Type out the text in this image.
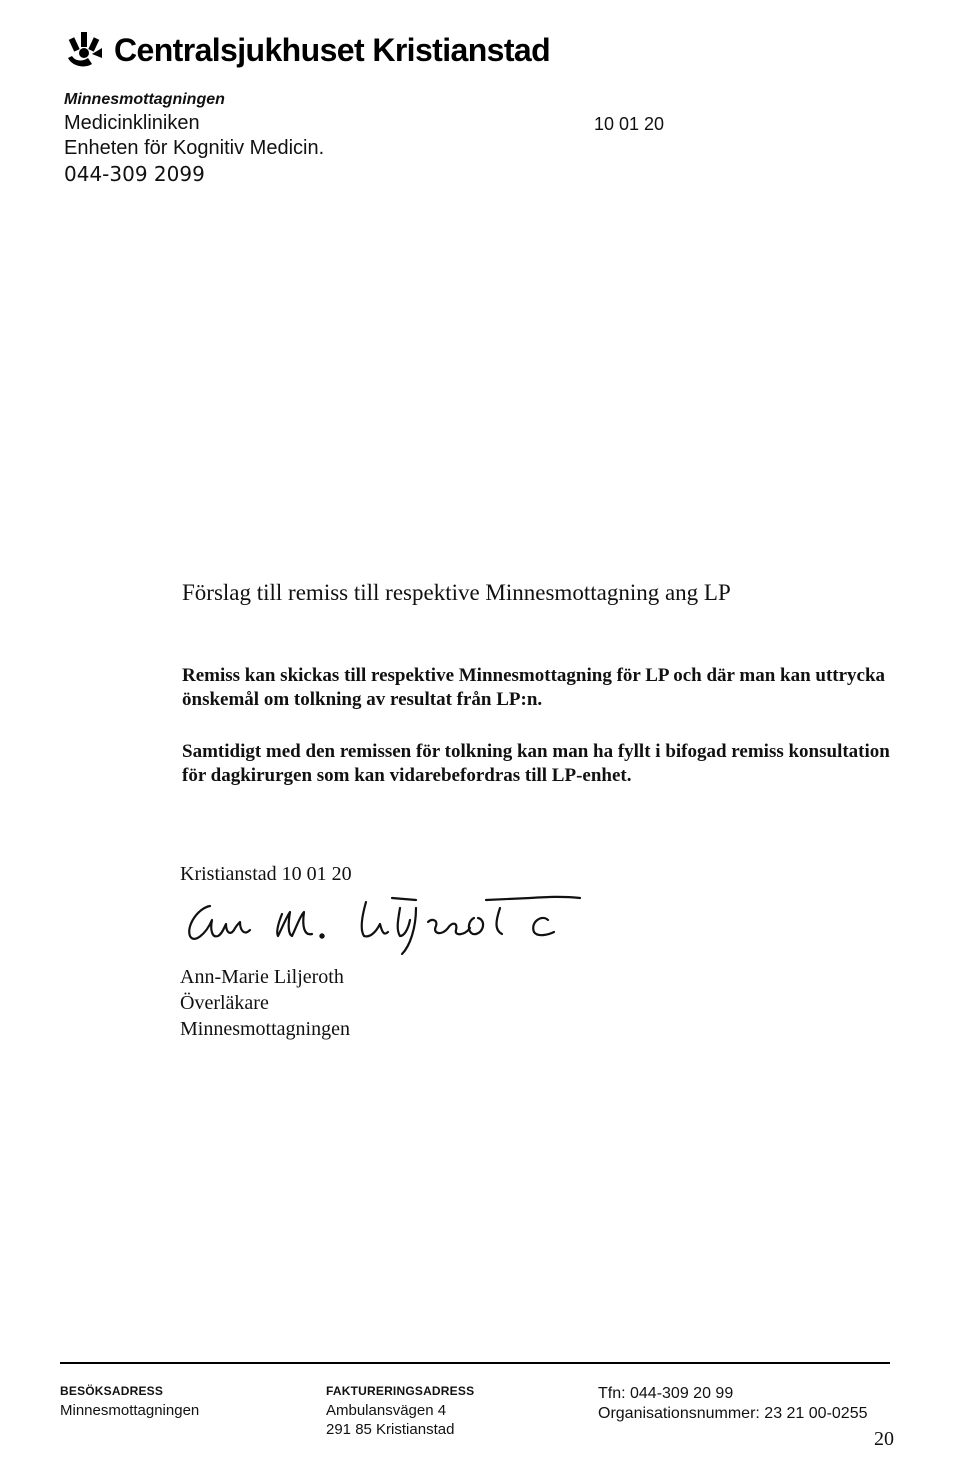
Centralsjukhuset Kristianstad
Minnesmottagningen
Medicinkliniken
Enheten för Kognitiv Medicin.
044-309 2099
10 01 20
Förslag till remiss till respektive Minnesmottagning ang LP
Remiss kan skickas till respektive Minnesmottagning för LP och där man kan uttrycka önskemål om tolkning av resultat från LP:n.
Samtidigt med den remissen för tolkning kan man ha fyllt i bifogad remiss konsultation för dagkirurgen som kan vidarebefordras till LP-enhet.
Kristianstad 10 01 20
Ann-Marie Liljeroth
Överläkare
Minnesmottagningen
BESÖKSADRESS
Minnesmottagningen
FAKTURERINGSADRESS
Ambulansvägen 4
291 85 Kristianstad
Tfn: 044-309 20 99
Organisationsnummer: 23 21 00-0255
20
